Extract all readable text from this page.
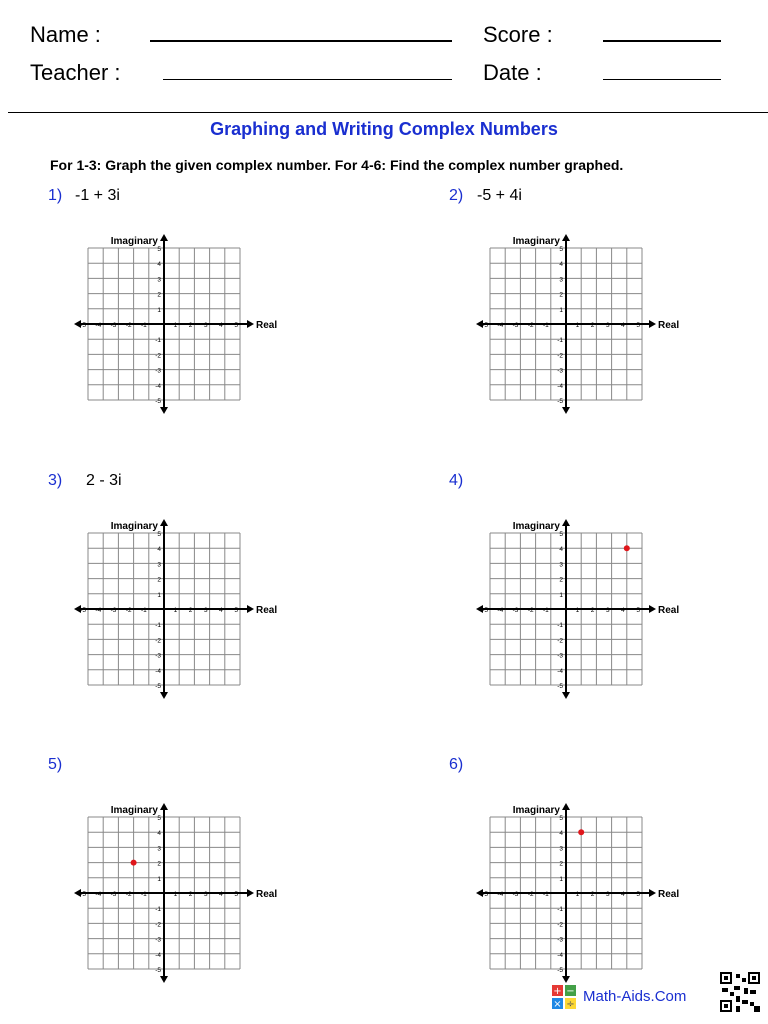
Name :	Score :
Teacher :	Date :
Graphing and Writing Complex Numbers
For 1-3: Graph the given complex number. For 4-6: Find the complex number graphed.
1) -1 + 3i	2) -5 + 4i
3) 2 - 3i	4)
5)	6)
Imaginary
Real
-5 -4 -3 -2 -1	1 2 3 4 5
5
4
3
2
1
-1
-2
-3
-4
-5
Imaginary
Real
-5 -4 -3 -2 -1	1 2 3 4 5
5
4
3
2
1
-1
-2
-3
-4
-5
Imaginary
Real
-5 -4 -3 -2 -1	1 2 3 4 5
5
4
3
2
1
-1
-2
-3
-4
-5
Imaginary
Real
-5 -4 -3 -2 -1	1 2 3 4 5
5
4
3
2
1
-1
-2
-3
-4
-5
Imaginary
Real
-5 -4 -3 -2 -1	1 2 3 4 5
5
4
3
2
1
-1
-2
-3
-4
-5
Imaginary
Real
-5 -4 -3 -2 -1	1 2 3 4 5
5
4
3
2
1
-1
-2
-3
-4
-5
+ −
× ÷ Math-Aids.Com
